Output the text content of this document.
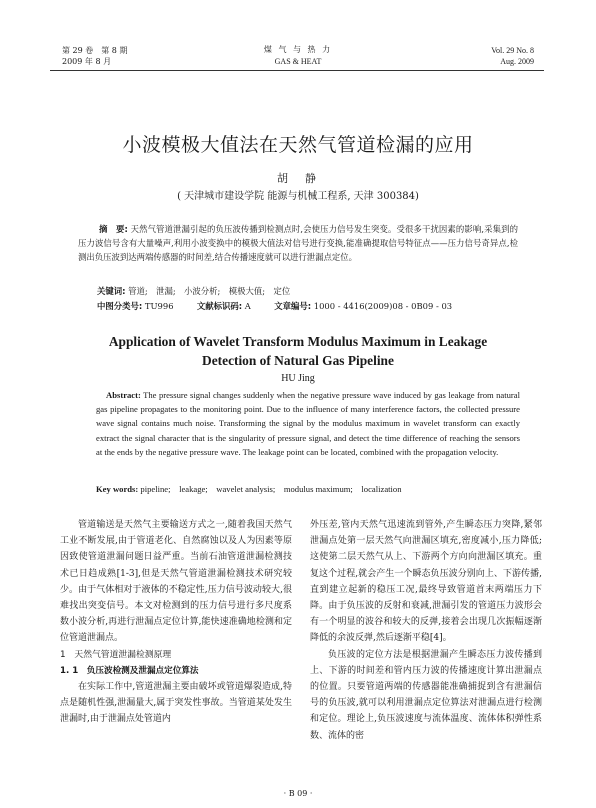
第 29 卷　第 8 期
2009 年 8 月
煤 气 与 热 力
GAS & HEAT
Vol. 29 No. 8
Aug. 2009
小波模极大值法在天然气管道检漏的应用
胡　静
( 天津城市建设学院 能源与机械工程系, 天津 300384)
摘　要: 天然气管道泄漏引起的负压波传播到检测点时,会使压力信号发生突变。受很多干扰因素的影响,采集到的压力波信号含有大量噪声,利用小波变换中的模极大值法对信号进行变换,能准确提取信号特征点——压力信号奇异点,检测出负压波到达两端传感器的时间差,结合传播速度就可以进行泄漏点定位。
关键词: 管道;　泄漏;　小波分析;　模极大值;　定位
中图分类号: TU996	文献标识码: A	文章编号: 1000 - 4416(2009)08 - 0B09 - 03
Application of Wavelet Transform Modulus Maximum in Leakage
Detection of Natural Gas Pipeline
HU Jing
Abstract: The pressure signal changes suddenly when the negative pressure wave induced by gas leakage from natural gas pipeline propagates to the monitoring point. Due to the influence of many interference factors, the collected pressure wave signal contains much noise. Transforming the signal by the modulus maximum in wavelet transform can exactly extract the signal character that is the singularity of pressure signal, and detect the time difference of reaching the sensors at the ends by the negative pressure wave. The leakage point can be located, combined with the propagation velocity.
Key words: pipeline;　leakage;　wavelet analysis;　modulus maximum;　localization

管道输送是天然气主要输送方式之一,随着我国天然气工业不断发展,由于管道老化、自然腐蚀以及人为因素等原因致使管道泄漏问题日益严重。当前石油管道泄漏检测技术已日趋成熟[1-3],但是天然气管道泄漏检测技术研究较少。由于气体相对于液体的不稳定性,压力信号波动较大,很难找出突变信号。本文对检测到的压力信号进行多尺度系数小波分析,再进行泄漏点定位计算,能快速准确地检测和定位管道泄漏点。

1　天然气管道泄漏检测原理

1. 1　负压波检测及泄漏点定位算法

在实际工作中,管道泄漏主要由破坏或管道爆裂造成,特点是随机性强,泄漏量大,属于突发性事故。当管道某处发生泄漏时,由于泄漏点处管道内

外压差,管内天然气迅速流到管外,产生瞬态压力突降,紧邻泄漏点处第一层天然气向泄漏区填充,密度减小,压力降低;这使第二层天然气从上、下游两个方向向泄漏区填充。重复这个过程,就会产生一个瞬态负压波分别向上、下游传播,直到建立起新的稳压工况,最终导致管道首末两端压力下降。由于负压波的反射和衰减,泄漏引发的管道压力波形会有一个明显的波谷和较大的反弹,接着会出现几次振幅逐渐降低的余波反弹,然后逐渐平稳[4]。

负压波的定位方法是根据泄漏产生瞬态压力波传播到上、下游的时间差和管内压力波的传播速度计算出泄漏点的位置。只要管道两端的传感器能准确捕捉到含有泄漏信号的负压波,就可以利用泄漏点定位算法对泄漏点进行检测和定位。理论上,负压波速度与流体温度、流体体积弹性系数、流体的密

· B 09 ·
